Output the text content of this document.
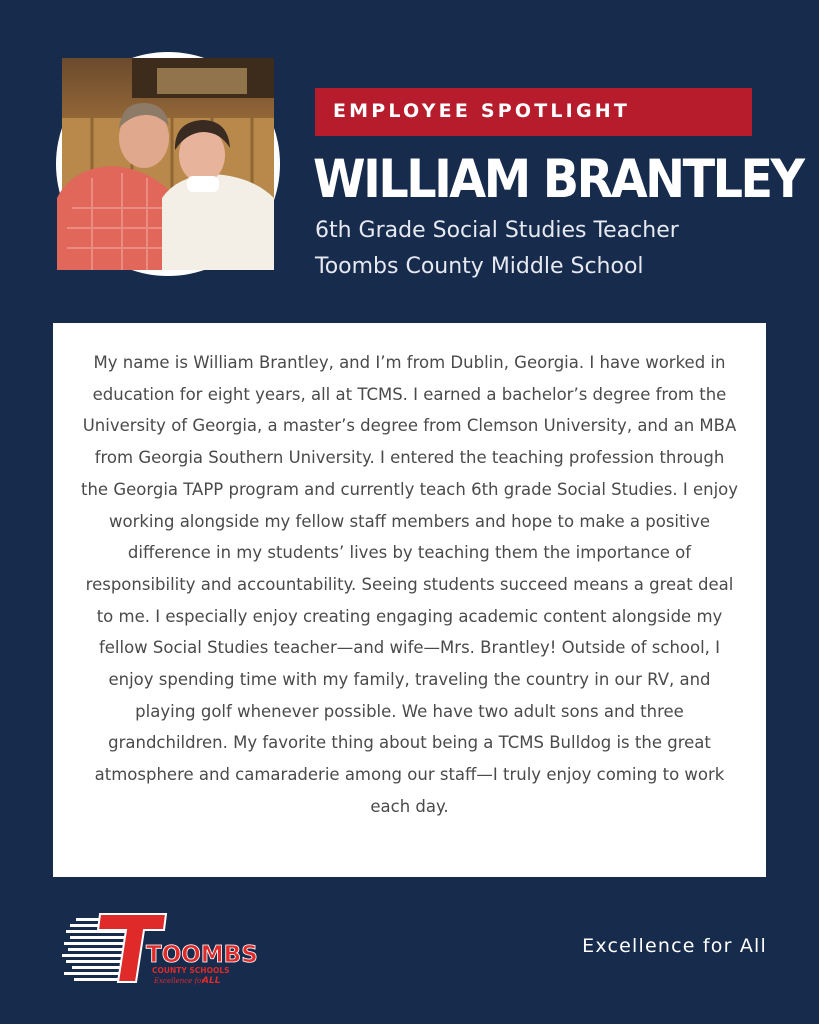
EMPLOYEE SPOTLIGHT
WILLIAM BRANTLEY
6th Grade Social Studies Teacher
Toombs County Middle School
My name is William Brantley, and I’m from Dublin, Georgia. I have worked in education for eight years, all at TCMS. I earned a bachelor’s degree from the University of Georgia, a master’s degree from Clemson University, and an MBA from Georgia Southern University. I entered the teaching profession through the Georgia TAPP program and currently teach 6th grade Social Studies. I enjoy working alongside my fellow staff members and hope to make a positive difference in my students’ lives by teaching them the importance of responsibility and accountability. Seeing students succeed means a great deal to me. I especially enjoy creating engaging academic content alongside my fellow Social Studies teacher—and wife—Mrs. Brantley! Outside of school, I enjoy spending time with my family, traveling the country in our RV, and playing golf whenever possible. We have two adult sons and three grandchildren. My favorite thing about being a TCMS Bulldog is the great atmosphere and camaraderie among our staff—I truly enjoy coming to work each day.
TOOMBS
COUNTY SCHOOLS
Excellence for
ALL
Excellence for All
